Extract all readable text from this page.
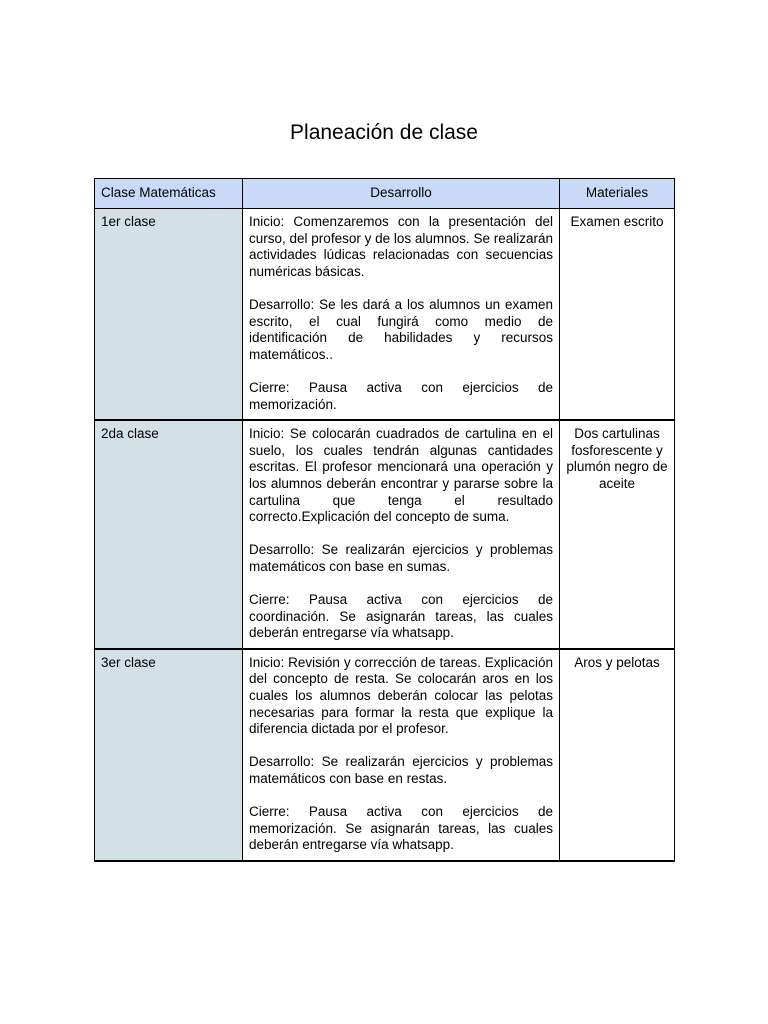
Planeación de clase
Clase Matemáticas	Desarrollo	Materiales
1er clase	Inicio: Comenzaremos con la presentación del curso, del profesor y de los alumnos. Se realizarán actividades lúdicas relacionadas con secuencias numéricas básicas.

Desarrollo: Se les dará a los alumnos un examen escrito, el cual fungirá como medio de identificación de habilidades y recursos matemáticos..

Cierre: Pausa activa con ejercicios de memorización.	Examen escrito
2da clase	Inicio: Se colocarán cuadrados de cartulina en el suelo, los cuales tendrán algunas cantidades escritas. El profesor mencionará una operación y los alumnos deberán encontrar y pararse sobre la cartulina que tenga el resultado correcto.Explicación del concepto de suma.

Desarrollo: Se realizarán ejercicios y problemas matemáticos con base en sumas.

Cierre: Pausa activa con ejercicios de coordinación. Se asignarán tareas, las cuales deberán entregarse vía whatsapp.	Dos cartulinas fosforescente y plumón negro de aceite
3er clase	Inicio: Revisión y corrección de tareas. Explicación del concepto de resta. Se colocarán aros en los cuales los alumnos deberán colocar las pelotas necesarias para formar la resta que explique la diferencia dictada por el profesor.

Desarrollo: Se realizarán ejercicios y problemas matemáticos con base en restas.

Cierre: Pausa activa con ejercicios de memorización. Se asignarán tareas, las cuales deberán entregarse vía whatsapp.	Aros y pelotas
